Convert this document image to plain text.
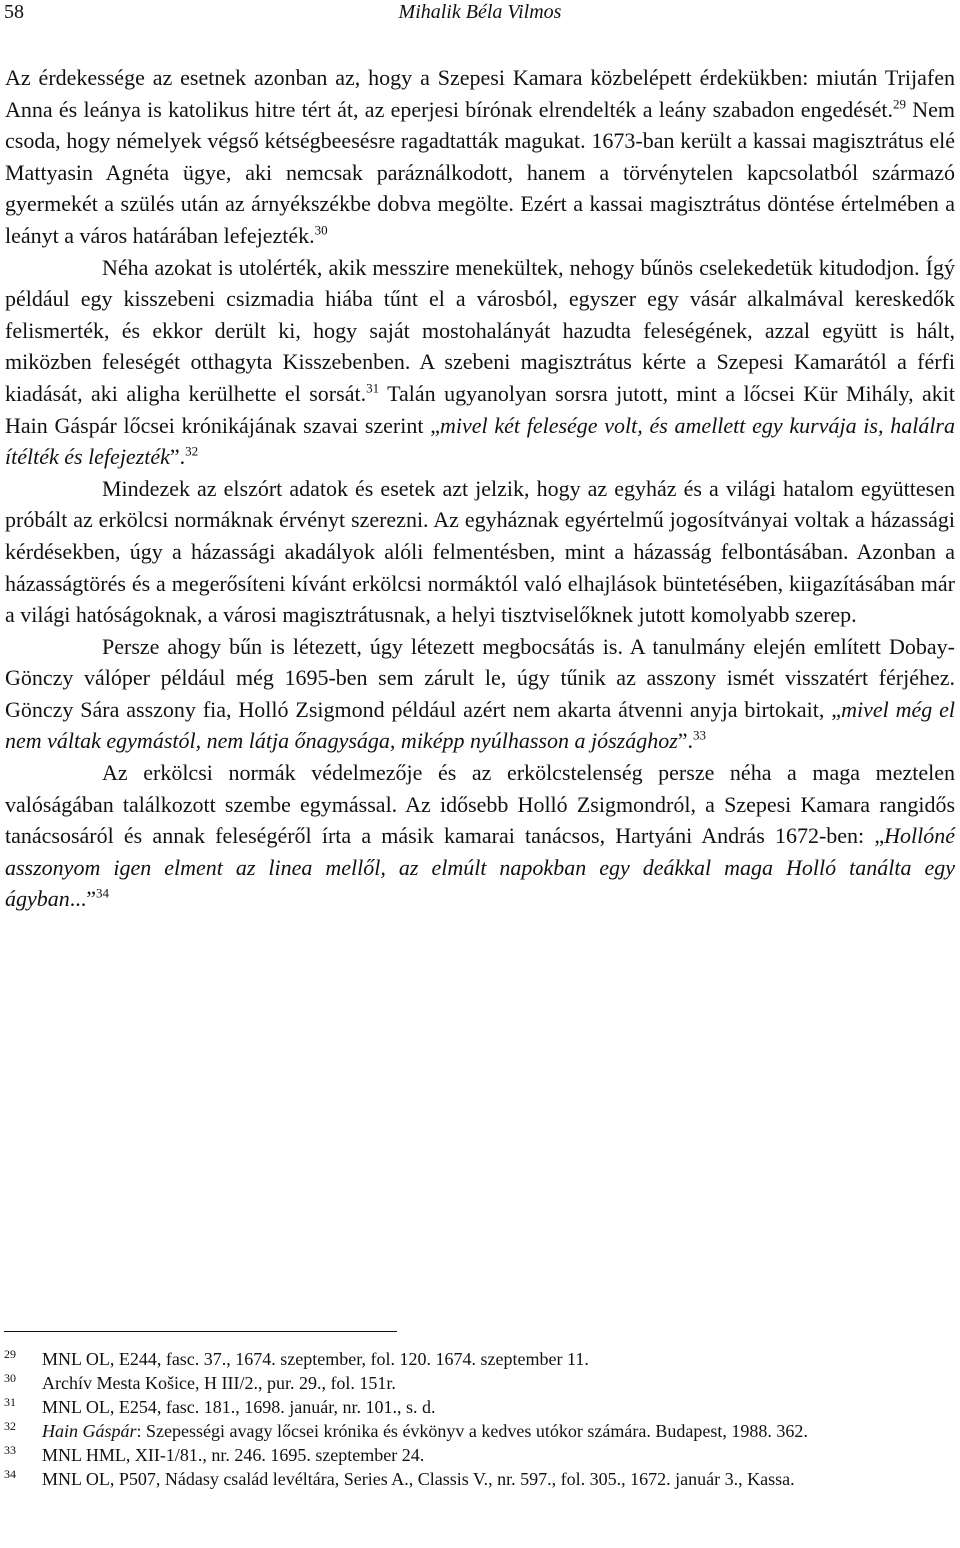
58	Mihalik Béla Vilmos

Az érdekessége az esetnek azonban az, hogy a Szepesi Kamara közbelépett érdekükben: miután Trijafen Anna és leánya is katolikus hitre tért át, az eperjesi bírónak elrendelték a leány szabadon engedését.$^{29}$ Nem csoda, hogy némelyek végső kétségbeesésre ragadtatták magukat. 1673-ban került a kassai magisztrátus elé Mattyasin Agnéta ügye, aki nemcsak paráználkodott, hanem a törvénytelen kapcsolatból származó gyermekét a szülés után az árnyékszékbe dobva megölte. Ezért a kassai magisztrátus döntése értelmében a leányt a város határában lefejezték.$^{30}$

Néha azokat is utolérték, akik messzire menekültek, nehogy bűnös cselekedetük kitudodjon. Ígý például egy kisszebeni csizmadia hiába tűnt el a városból, egyszer egy vásár alkalmával kereskedők felismerték, és ekkor derült ki, hogy saját mostohalányát hazudta feleségének, azzal együtt is hált, miközben feleségét otthagyta Kisszebenben. A szebeni magisztrátus kérte a Szepesi Kamarától a férfi kiadását, aki aligha kerülhette el sorsát.$^{31}$ Talán ugyanolyan sorsra jutott, mint a lőcsei Kür Mihály, akit Hain Gáspár lőcsei krónikájának szavai szerint „mivel két felesége volt, és amellett egy kurvája is, halálra ítélték és lefejezték”.$^{32}$

Mindezek az elszórt adatok és esetek azt jelzik, hogy az egyház és a világi hatalom együttesen próbált az erkölcsi normáknak érvényt szerezni. Az egyháznak egyértelmű jogosítványai voltak a házassági kérdésekben, úgy a házassági akadályok alóli felmentésben, mint a házasság felbontásában. Azonban a házasságtörés és a megerősíteni kívánt erkölcsi normáktól való elhajlások büntetésében, kiigazításában már a világi hatóságoknak, a városi magisztrátusnak, a helyi tisztviselőknek jutott komolyabb szerep.

Persze ahogy bűn is létezett, úgy létezett megbocsátás is. A tanulmány elején említett Dobay-Gönczy válóper például még 1695-ben sem zárult le, úgy tűnik az asszony ismét visszatért férjéhez. Gönczy Sára asszony fia, Holló Zsigmond például azért nem akarta átvenni anyja birtokait, „mivel még el nem váltak egymástól, nem látja őnagysága, miképp nyúlhasson a jószághoz”.$^{33}$

Az erkölcsi normák védelmezője és az erkölcstelenség persze néha a maga meztelen valóságában találkozott szembe egymással. Az idősebb Holló Zsigmondról, a Szepesi Kamara rangidős tanácsosáról és annak feleségéről írta a másik kamarai tanácsos, Hartyáni András 1672-ben: „Hollóné asszonyom igen elment az linea mellől, az elmúlt napokban egy deákkal maga Holló tanálta egy ágyban...”$^{34}$

29	MNL OL, E244, fasc. 37., 1674. szeptember, fol. 120. 1674. szeptember 11.
30	Archív Mesta Košice, H III/2., pur. 29., fol. 151r.
31	MNL OL, E254, fasc. 181., 1698. január, nr. 101., s. d.
32	Hain Gáspár: Szepességi avagy lőcsei krónika és évkönyv a kedves utókor számára. Budapest, 1988. 362.
33	MNL HML, XII-1/81., nr. 246. 1695. szeptember 24.
34	MNL OL, P507, Nádasy család levéltára, Series A., Classis V., nr. 597., fol. 305., 1672. január 3., Kassa.
